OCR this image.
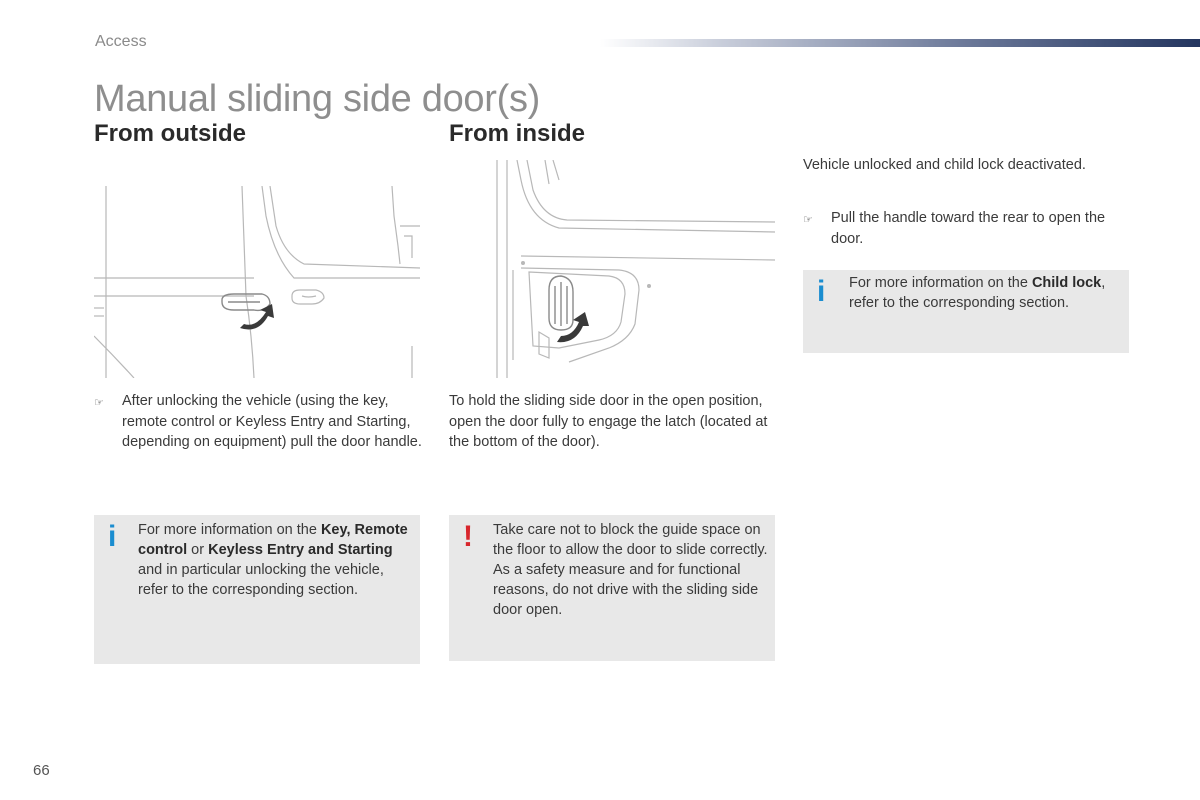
Access
Manual sliding side door(s)
From outside	From inside
☞	After unlocking the vehicle (using the key, remote control or Keyless Entry and Starting, depending on equipment) pull the door handle.
To hold the sliding side door in the open position, open the door fully to engage the latch (located at the bottom of the door).
Vehicle unlocked and child lock deactivated.
☞	Pull the handle toward the rear to open the door.
i For more information on the Key, Remote control or Keyless Entry and Starting and in particular unlocking the vehicle, refer to the corresponding section.
! Take care not to block the guide space on the floor to allow the door to slide correctly.
As a safety measure and for functional reasons, do not drive with the sliding side door open.
i For more information on the Child lock, refer to the corresponding section.
66
